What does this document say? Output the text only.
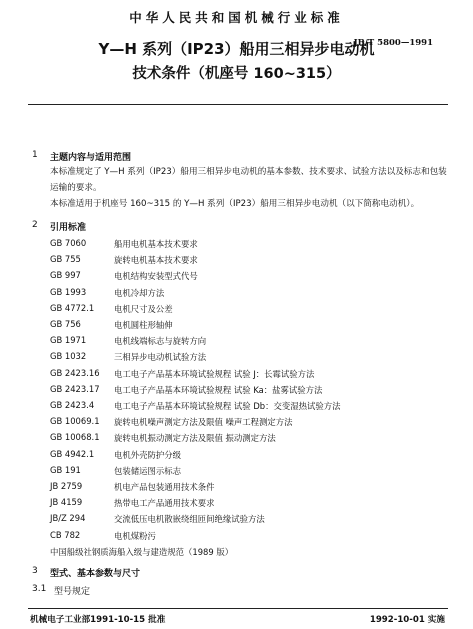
中华人民共和国机械行业标准
JB/T 5800—1991
Y—H 系列（IP23）船用三相异步电动机
技术条件（机座号 160~315）
1 主题内容与适用范围
本标准规定了 Y—H 系列（IP23）船用三相异步电动机的基本参数、技术要求、试验方法以及标志和包装运输的要求。
本标准适用于机座号 160~315 的 Y—H 系列（IP23）船用三相异步电动机（以下简称电动机）。
2 引用标准
GB 7060	船用电机基本技术要求
GB 755	旋转电机基本技术要求
GB 997	电机结构安装型式代号
GB 1993	电机冷却方法
GB 4772.1 电机尺寸及公差
GB 756	电机圆柱形轴伸
GB 1971	电机线端标志与旋转方向
GB 1032	三相异步电动机试验方法
GB 2423.16 电工电子产品基本环境试验规程 试验 J：长霉试验方法
GB 2423.17 电工电子产品基本环境试验规程 试验 Ka：盐雾试验方法
GB 2423.4 电工电子产品基本环境试验规程 试验 Db：交变湿热试验方法
GB 10069.1 旋转电机噪声测定方法及限值 噪声工程测定方法
GB 10068.1 旋转电机振动测定方法及限值 振动测定方法
GB 4942.1 电机外壳防护分级
GB 191	包装储运图示标志
JB 2759	机电产品包装通用技术条件
JB 4159	热带电工产品通用技术要求
JB/Z 294	交流低压电机散嵌绕组匝间绝缘试验方法
CB 782	电机煤粉污
中国船级社钢质海船入级与建造规范（1989 版）
3 型式、基本参数与尺寸
3.1 型号规定
机械电子工业部1991-10-15 批准	1992-10-01 实施
